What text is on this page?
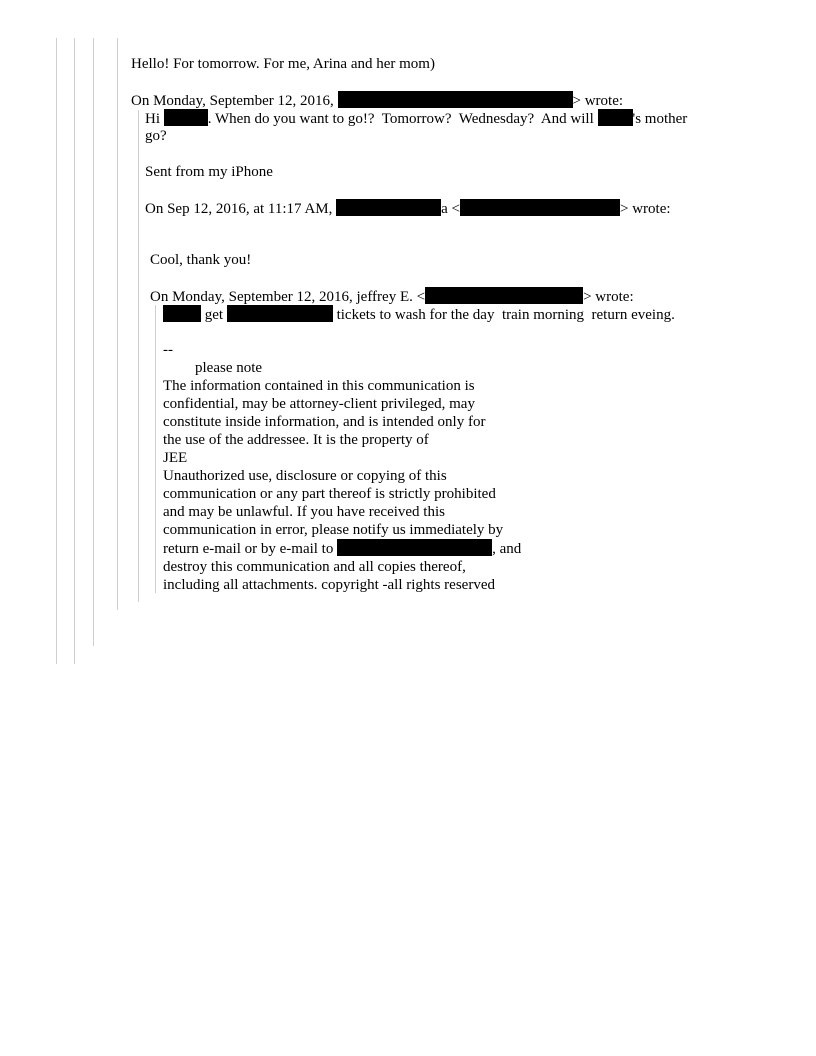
Hello! For tomorrow. For me, Arina and her mom)
On Monday, September 12, 2016,	> wrote:
Hi	. When do you want to go!?  Tomorrow?  Wednesday?  And will	's mother
go?
Sent from my iPhone
On Sep 12, 2016, at 11:17 AM,	a <	> wrote:
Cool, thank you!
On Monday, September 12, 2016, jeffrey E. <	> wrote:
get	tickets to wash for the day  train morning  return eveing.
--
please note
The information contained in this communication is
confidential, may be attorney-client privileged, may
constitute inside information, and is intended only for
the use of the addressee. It is the property of
JEE
Unauthorized use, disclosure or copying of this
communication or any part thereof is strictly prohibited
and may be unlawful. If you have received this
communication in error, please notify us immediately by
return e-mail or by e-mail to	, and
destroy this communication and all copies thereof,
including all attachments. copyright -all rights reserved
